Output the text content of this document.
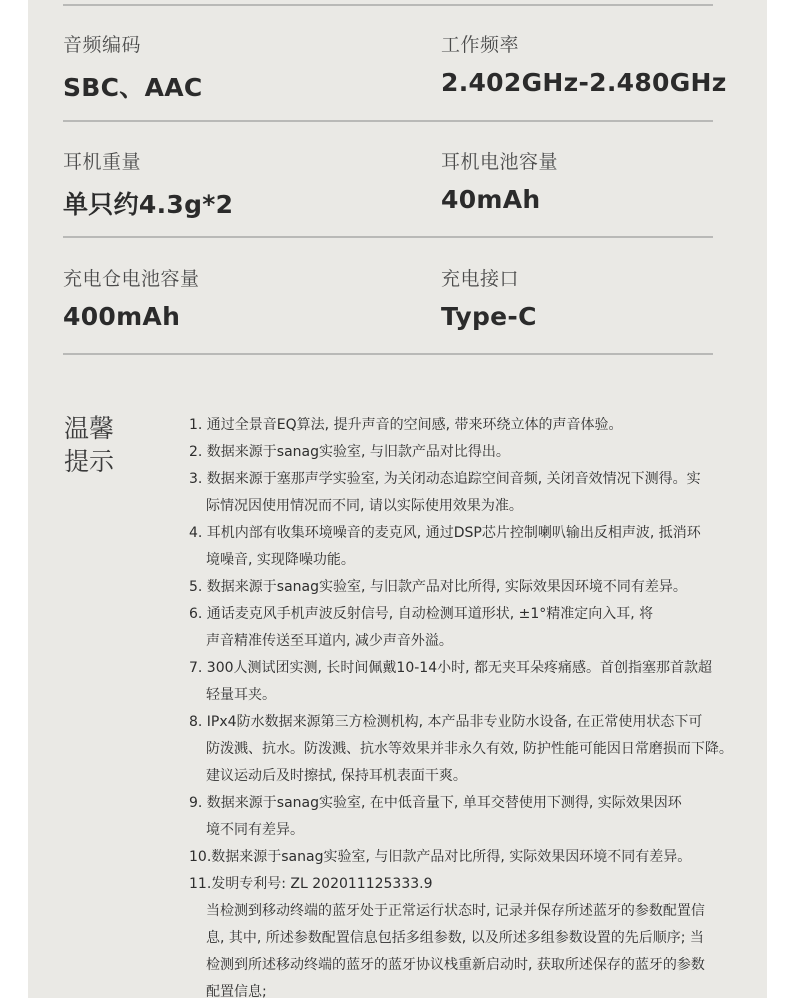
音频编码
SBC、AAC
工作频率
2.402GHz-2.480GHz
耳机重量
单只约4.3g*2
耳机电池容量
40mAh
充电仓电池容量
400mAh
充电接口
Type-C
温馨
提示
1. 通过全景音EQ算法, 提升声音的空间感, 带来环绕立体的声音体验。
2. 数据来源于sanag实验室, 与旧款产品对比得出。
3. 数据来源于塞那声学实验室, 为关闭动态追踪空间音频, 关闭音效情况下测得。实
际情况因使用情况而不同, 请以实际使用效果为准。
4. 耳机内部有收集环境噪音的麦克风, 通过DSP芯片控制喇叭输出反相声波, 抵消环
境噪音, 实现降噪功能。
5. 数据来源于sanag实验室, 与旧款产品对比所得, 实际效果因环境不同有差异。
6. 通话麦克风手机声波反射信号, 自动检测耳道形状, ±1°精准定向入耳, 将
声音精准传送至耳道内, 减少声音外溢。
7. 300人测试团实测, 长时间佩戴10-14小时, 都无夹耳朵疼痛感。首创指塞那首款超
轻量耳夹。
8. IPx4防水数据来源第三方检测机构, 本产品非专业防水设备, 在正常使用状态下可
防泼溅、抗水。防泼溅、抗水等效果并非永久有效, 防护性能可能因日常磨损而下降。
建议运动后及时擦拭, 保持耳机表面干爽。
9. 数据来源于sanag实验室, 在中低音量下, 单耳交替使用下测得, 实际效果因环
境不同有差异。
10.数据来源于sanag实验室, 与旧款产品对比所得, 实际效果因环境不同有差异。
11.发明专利号: ZL 202011125333.9
当检测到移动终端的蓝牙处于正常运行状态时, 记录并保存所述蓝牙的参数配置信
息, 其中, 所述参数配置信息包括多组参数, 以及所述多组参数设置的先后顺序; 当
检测到所述移动终端的蓝牙的蓝牙协议栈重新启动时, 获取所述保存的蓝牙的参数
配置信息;
